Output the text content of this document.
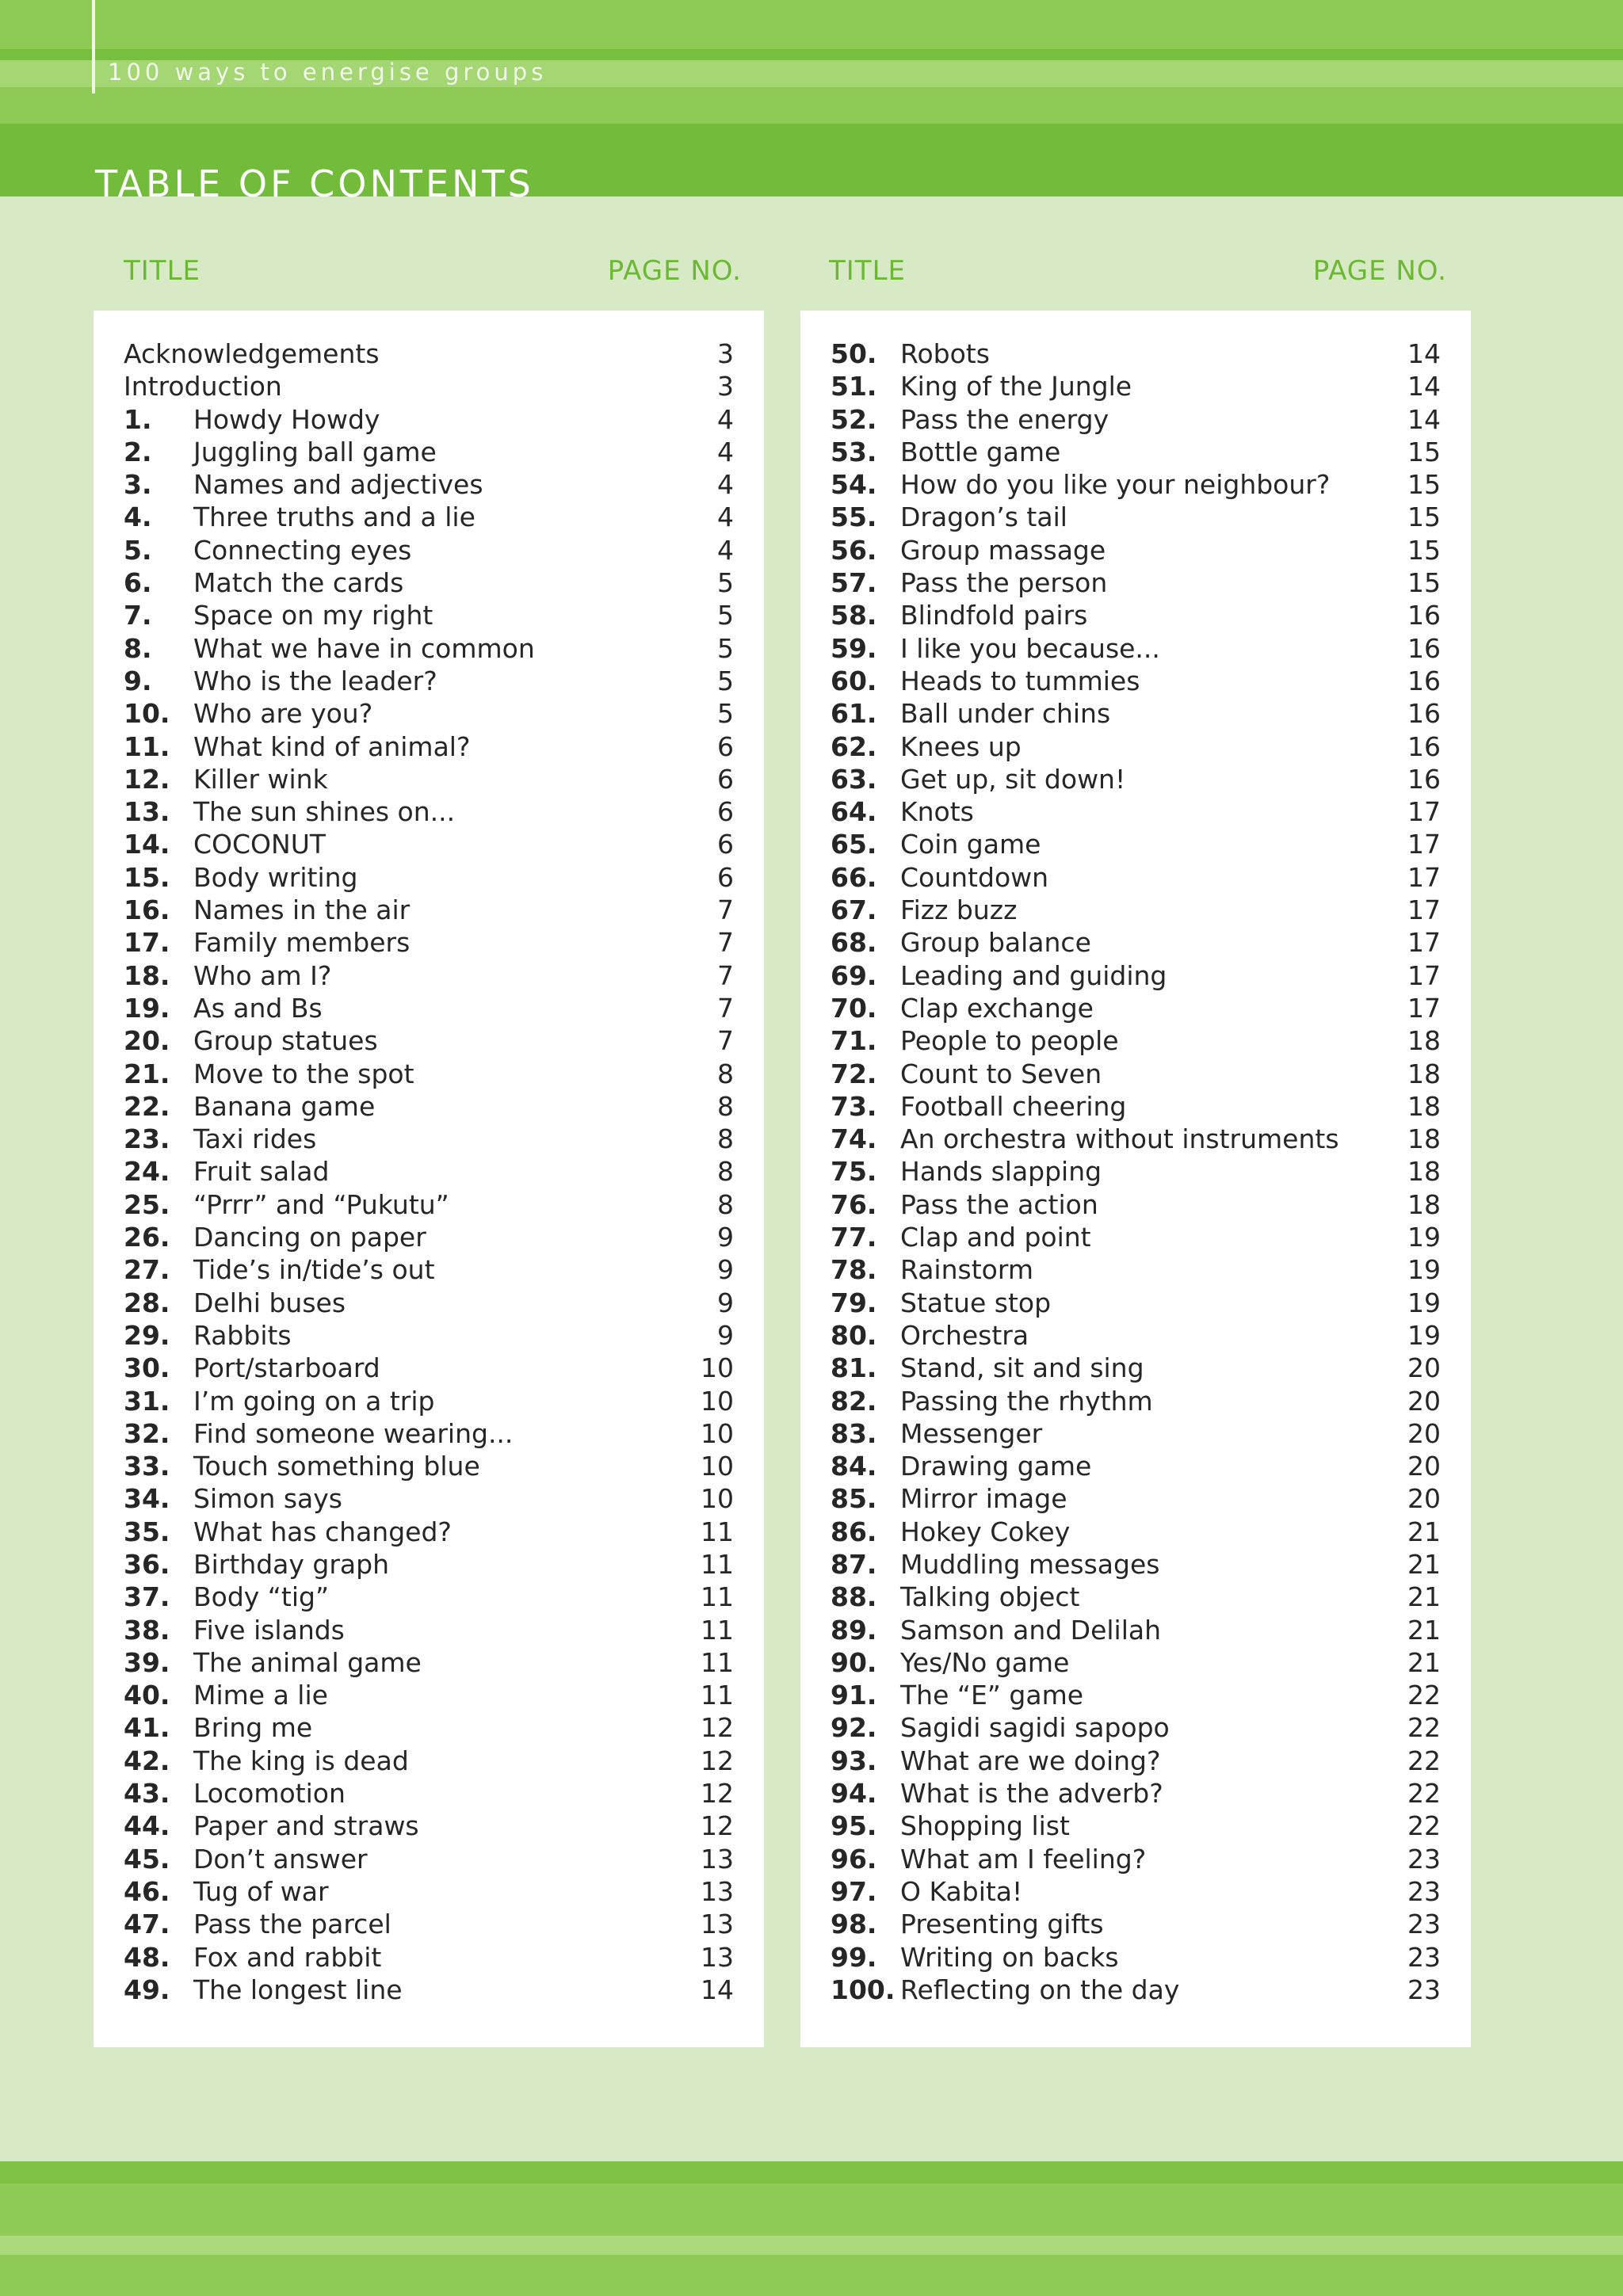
100 ways to energise groups
TABLE OF CONTENTS
TITLE	PAGE NO.	TITLE	PAGE NO.
Acknowledgements	3
Introduction	3
1. Howdy Howdy	4
2. Juggling ball game	4
3. Names and adjectives	4
4. Three truths and a lie	4
5. Connecting eyes	4
6. Match the cards	5
7. Space on my right	5
8. What we have in common	5
9. Who is the leader?	5
10. Who are you?	5
11. What kind of animal?	6
12. Killer wink	6
13. The sun shines on...	6
14. COCONUT	6
15. Body writing	6
16. Names in the air	7
17. Family members	7
18. Who am I?	7
19. As and Bs	7
20. Group statues	7
21. Move to the spot	8
22. Banana game	8
23. Taxi rides	8
24. Fruit salad	8
25. “Prrr” and “Pukutu”	8
26. Dancing on paper	9
27. Tide’s in/tide’s out	9
28. Delhi buses	9
29. Rabbits	9
30. Port/starboard	10
31. I’m going on a trip	10
32. Find someone wearing...	10
33. Touch something blue	10
34. Simon says	10
35. What has changed?	11
36. Birthday graph	11
37. Body “tig”	11
38. Five islands	11
39. The animal game	11
40. Mime a lie	11
41. Bring me	12
42. The king is dead	12
43. Locomotion	12
44. Paper and straws	12
45. Don’t answer	13
46. Tug of war	13
47. Pass the parcel	13
48. Fox and rabbit	13
49. The longest line	14
50. Robots	14
51. King of the Jungle	14
52. Pass the energy	14
53. Bottle game	15
54. How do you like your neighbour?	15
55. Dragon’s tail	15
56. Group massage	15
57. Pass the person	15
58. Blindfold pairs	16
59. I like you because...	16
60. Heads to tummies	16
61. Ball under chins	16
62. Knees up	16
63. Get up, sit down!	16
64. Knots	17
65. Coin game	17
66. Countdown	17
67. Fizz buzz	17
68. Group balance	17
69. Leading and guiding	17
70. Clap exchange	17
71. People to people	18
72. Count to Seven	18
73. Football cheering	18
74. An orchestra without instruments	18
75. Hands slapping	18
76. Pass the action	18
77. Clap and point	19
78. Rainstorm	19
79. Statue stop	19
80. Orchestra	19
81. Stand, sit and sing	20
82. Passing the rhythm	20
83. Messenger	20
84. Drawing game	20
85. Mirror image	20
86. Hokey Cokey	21
87. Muddling messages	21
88. Talking object	21
89. Samson and Delilah	21
90. Yes/No game	21
91. The “E” game	22
92. Sagidi sagidi sapopo	22
93. What are we doing?	22
94. What is the adverb?	22
95. Shopping list	22
96. What am I feeling?	23
97. O Kabita!	23
98. Presenting gifts	23
99. Writing on backs	23
100. Reflecting on the day	23
